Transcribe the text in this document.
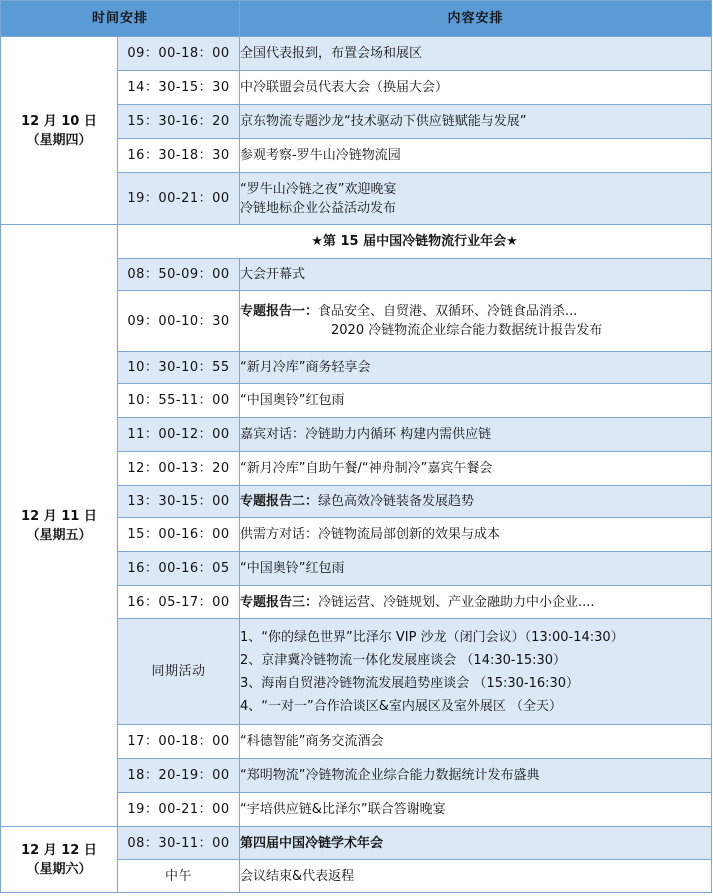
时间安排		内容安排

12 月 10 日
（星期四）	09：00-18：00	全国代表报到，布置会场和展区
	14：30-15：30	中冷联盟会员代表大会（换届大会）
	15：30-16：20	京东物流专题沙龙“技术驱动下供应链赋能与发展”
	16：30-18：30	参观考察-罗牛山冷链物流园
	19：00-21：00	“罗牛山冷链之夜”欢迎晚宴
冷链地标企业公益活动发布

12 月 11 日
（星期五）	★第 15 届中国冷链物流行业年会★	
	08：50-09：00	大会开幕式
	09：00-10：30	专题报告一：食品安全、自贸港、双循环、冷链食品消杀...
2020 冷链物流企业综合能力数据统计报告发布

	10：30-10：55	“新月冷库”商务轻享会
	10：55-11：00	“中国奥铃”红包雨
	11：00-12：00	嘉宾对话：冷链助力内循环 构建内需供应链
	12：00-13：20	“新月冷库”自助午餐/“神舟制冷”嘉宾午餐会
	13：30-15：00	专题报告二：绿色高效冷链装备发展趋势
	15：00-16：00	供需方对话：冷链物流局部创新的效果与成本
	16：00-16：05	“中国奥铃”红包雨
	16：05-17：00	专题报告三：冷链运营、冷链规划、产业金融助力中小企业....
	同期活动	1、“你的绿色世界”比泽尔 VIP 沙龙（闭门会议）（13:00-14:30）
2、京津冀冷链物流一体化发展座谈会 （14:30-15:30）
3、海南自贸港冷链物流发展趋势座谈会 （15:30-16:30）
4、“一对一”合作洽谈区&室内展区及室外展区 （全天）

	17：00-18：00	“科德智能”商务交流酒会
	18：20-19：00	“郑明物流”冷链物流企业综合能力数据统计发布盛典
	19：00-21：00	“宇培供应链&比泽尔”联合答谢晚宴

12 月 12 日
（星期六）	08：30-11：00	第四届中国冷链学术年会
	中午	会议结束&代表返程
